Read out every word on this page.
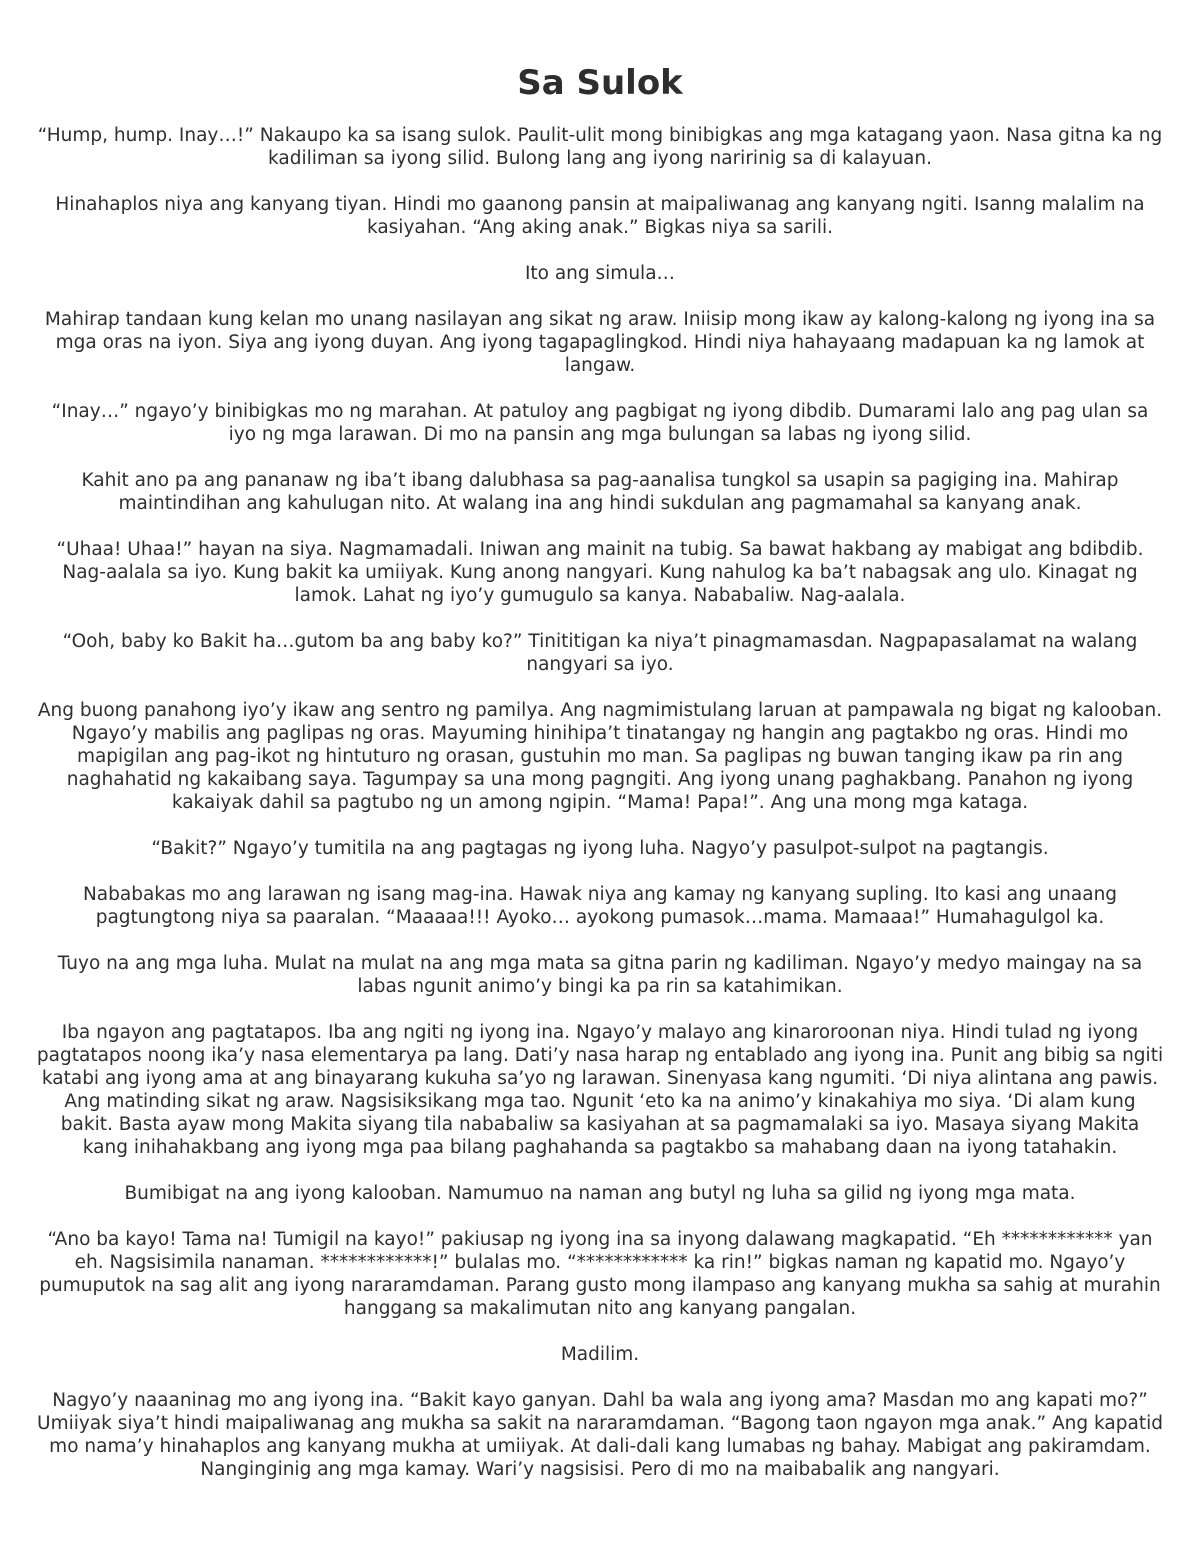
Sa Sulok

“Hump, hump. Inay…!” Nakaupo ka sa isang sulok. Paulit-ulit mong binibigkas ang mga katagang yaon. Nasa gitna ka ng kadiliman sa iyong silid. Bulong lang ang iyong naririnig sa di kalayuan.

Hinahaplos niya ang kanyang tiyan. Hindi mo gaanong pansin at maipaliwanag ang kanyang ngiti. Isanng malalim na kasiyahan. “Ang aking anak.” Bigkas niya sa sarili.

Ito ang simula…

Mahirap tandaan kung kelan mo unang nasilayan ang sikat ng araw. Iniisip mong ikaw ay kalong-kalong ng iyong ina sa mga oras na iyon. Siya ang iyong duyan. Ang iyong tagapaglingkod. Hindi niya hahayaang madapuan ka ng lamok at langaw.

“Inay…” ngayo’y binibigkas mo ng marahan. At patuloy ang pagbigat ng iyong dibdib. Dumarami lalo ang pag ulan sa iyo ng mga larawan. Di mo na pansin ang mga bulungan sa labas ng iyong silid.

Kahit ano pa ang pananaw ng iba’t ibang dalubhasa sa pag-aanalisa tungkol sa usapin sa pagiging ina. Mahirap maintindihan ang kahulugan nito. At walang ina ang hindi sukdulan ang pagmamahal sa kanyang anak.

“Uhaa! Uhaa!” hayan na siya. Nagmamadali. Iniwan ang mainit na tubig. Sa bawat hakbang ay mabigat ang bdibdib. Nag-aalala sa iyo. Kung bakit ka umiiyak. Kung anong nangyari. Kung nahulog ka ba’t nabagsak ang ulo. Kinagat ng lamok. Lahat ng iyo’y gumugulo sa kanya. Nababaliw. Nag-aalala.

“Ooh, baby ko Bakit ha…gutom ba ang baby ko?” Tinititigan ka niya’t pinagmamasdan. Nagpapasalamat na walang nangyari sa iyo.

Ang buong panahong iyo’y ikaw ang sentro ng pamilya. Ang nagmimistulang laruan at pampawala ng bigat ng kalooban. Ngayo’y mabilis ang paglipas ng oras. Mayuming hinihipa’t tinatangay ng hangin ang pagtakbo ng oras. Hindi mo mapigilan ang pag-ikot ng hintuturo ng orasan, gustuhin mo man. Sa paglipas ng buwan tanging ikaw pa rin ang naghahatid ng kakaibang saya. Tagumpay sa una mong pagngiti. Ang iyong unang paghakbang. Panahon ng iyong kakaiyak dahil sa pagtubo ng un among ngipin. “Mama! Papa!”. Ang una mong mga kataga.

“Bakit?” Ngayo’y tumitila na ang pagtagas ng iyong luha. Nagyo’y pasulpot-sulpot na pagtangis.

Nababakas mo ang larawan ng isang mag-ina. Hawak niya ang kamay ng kanyang supling. Ito kasi ang unaang pagtungtong niya sa paaralan. “Maaaaa!!! Ayoko… ayokong pumasok…mama. Mamaaa!” Humahagulgol ka.

Tuyo na ang mga luha. Mulat na mulat na ang mga mata sa gitna parin ng kadiliman. Ngayo’y medyo maingay na sa labas ngunit animo’y bingi ka pa rin sa katahimikan.

Iba ngayon ang pagtatapos. Iba ang ngiti ng iyong ina. Ngayo’y malayo ang kinaroroonan niya. Hindi tulad ng iyong pagtatapos noong ika’y nasa elementarya pa lang. Dati’y nasa harap ng entablado ang iyong ina. Punit ang bibig sa ngiti katabi ang iyong ama at ang binayarang kukuha sa’yo ng larawan. Sinenyasa kang ngumiti. ‘Di niya alintana ang pawis. Ang matinding sikat ng araw. Nagsisiksikang mga tao. Ngunit ‘eto ka na animo’y kinakahiya mo siya. ‘Di alam kung bakit. Basta ayaw mong Makita siyang tila nababaliw sa kasiyahan at sa pagmamalaki sa iyo. Masaya siyang Makita kang inihahakbang ang iyong mga paa bilang paghahanda sa pagtakbo sa mahabang daan na iyong tatahakin.

Bumibigat na ang iyong kalooban. Namumuo na naman ang butyl ng luha sa gilid ng iyong mga mata.

“Ano ba kayo! Tama na! Tumigil na kayo!” pakiusap ng iyong ina sa inyong dalawang magkapatid. “Eh ************ yan eh. Nagsisimila nanaman. ************!” bulalas mo. “************ ka rin!” bigkas naman ng kapatid mo. Ngayo’y pumuputok na sag alit ang iyong nararamdaman. Parang gusto mong ilampaso ang kanyang mukha sa sahig at murahin hanggang sa makalimutan nito ang kanyang pangalan.

Madilim.

Nagyo’y naaaninag mo ang iyong ina. “Bakit kayo ganyan. Dahl ba wala ang iyong ama? Masdan mo ang kapati mo?” Umiiyak siya’t hindi maipaliwanag ang mukha sa sakit na nararamdaman. “Bagong taon ngayon mga anak.” Ang kapatid mo nama’y hinahaplos ang kanyang mukha at umiiyak. At dali-dali kang lumabas ng bahay. Mabigat ang pakiramdam. Nanginginig ang mga kamay. Wari’y nagsisisi. Pero di mo na maibabalik ang nangyari.
